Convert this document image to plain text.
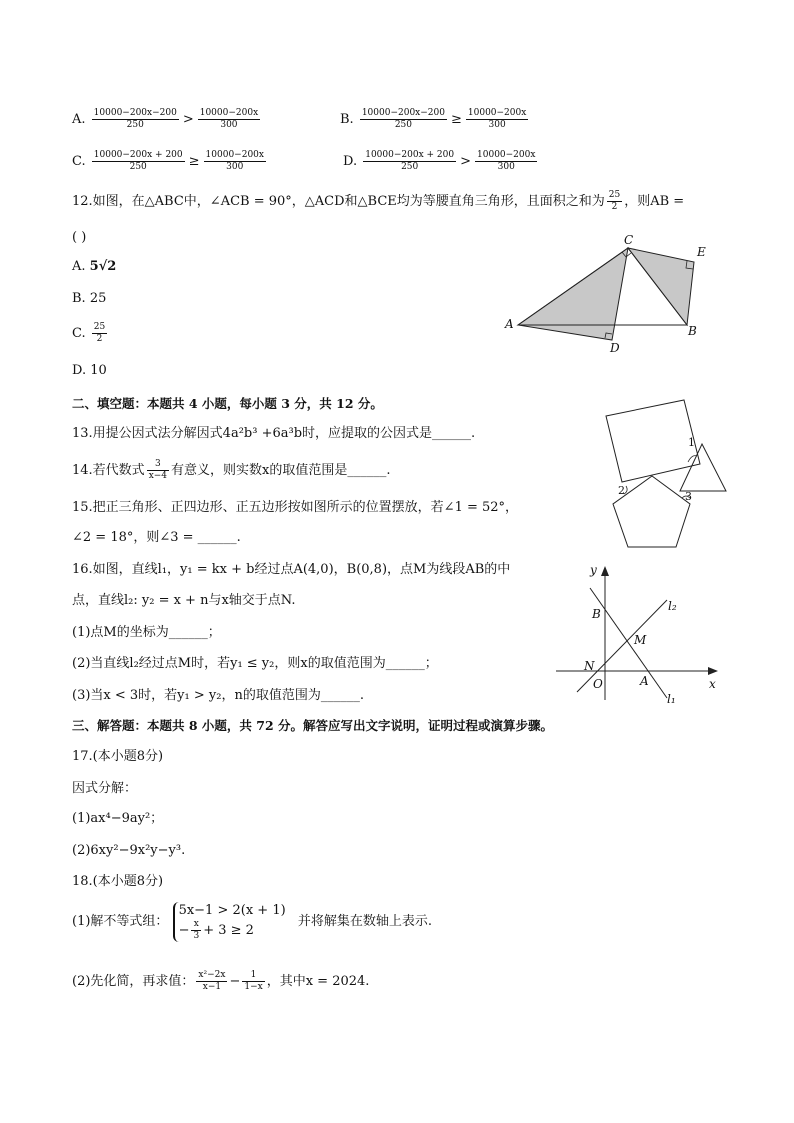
A. $\frac{10000-200x-200}{250} > \frac{10000-200x}{300}$	B. $\frac{10000-200x-200}{250} \ge \frac{10000-200x}{300}$
C. $\frac{10000-200x + 200}{250} \ge \frac{10000-200x}{300}$	D. $\frac{10000-200x + 200}{250} > \frac{10000-200x}{300}$
12.如图，在△ABC中，∠ACB = 90°，△ACD和△BCE均为等腰直角三角形，且面积之和为 $\frac{25}{2}$ ，则AB =
( )
A. 5√2
B. 25
C. $\frac{25}{2}$
D. 10
A
C
E
B
D
二、填空题：本题共 4 小题，每小题 3 分，共 12 分。
13.用提公因式法分解因式4a²b³ +6a³b时，应提取的公因式是______.
14.若代数式 $\frac{3}{x-4}$ 有意义，则实数x的取值范围是______.
15.把正三角形、正四边形、正五边形按如图所示的位置摆放，若∠1 = 52°，
∠2 = 18°，则∠3 = ______.
1
2	3
16.如图，直线l₁，y₁ = kx + b经过点A(4,0)，B(0,8)，点M为线段AB的中
点，直线l₂: y₂ = x + n与x轴交于点N.
(1)点M的坐标为______；
(2)当直线l₂经过点M时，若y₁ ≤ y₂，则x的取值范围为______；
(3)当x < 3时，若y₁ > y₂，n的取值范围为______.
y
x
O	A
B
M
N
l₁
l₂
三、解答题：本题共 8 小题，共 72 分。解答应写出文字说明，证明过程或演算步骤。
17.(本小题8分)
因式分解：
(1)ax⁴−9ay²；
(2)6xy²−9x²y−y³.
18.(本小题8分)
(1)解不等式组：
5x−1 > 2(x + 1)
− $\frac{x}{3} + 3 \ge 2$
并将解集在数轴上表示.
(2)先化简，再求值： $\frac{\text{x²−2x}}{x-1} - \frac{1}{1-x}$ ，其中x = 2024.
